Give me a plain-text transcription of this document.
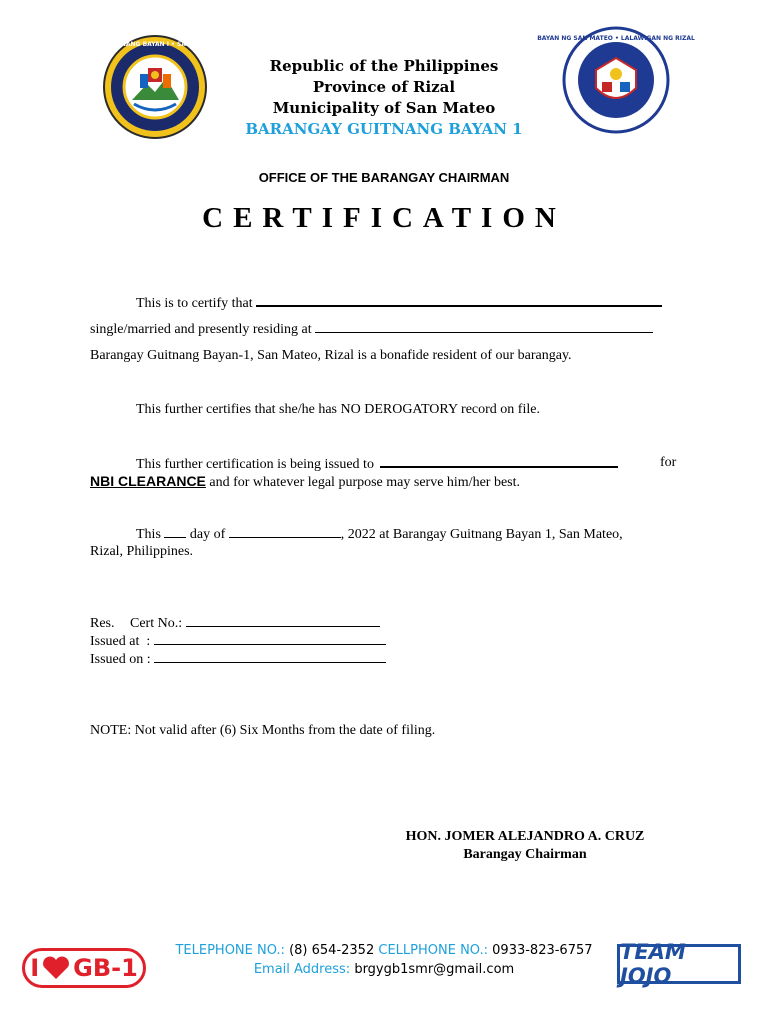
BARANGAY GUITNANG BAYAN I • SAN MATEO • RIZAL
BAYAN NG SAN MATEO • LALAWIGAN NG RIZAL
Republic of the Philippines
Province of Rizal
Municipality of San Mateo
BARANGAY GUITNANG BAYAN 1
OFFICE OF THE BARANGAY CHAIRMAN
CERTIFICATION
This is to certify that
single/married and presently residing at
Barangay Guitnang Bayan-1, San Mateo, Rizal is a bonafide resident of our barangay.
This further certifies that she/he has NO DEROGATORY record on file.
This further certification is being issued to	for
NBI CLEARANCE and for whatever legal purpose may serve him/her best.
This day of	, 2022 at Barangay Guitnang Bayan 1, San Mateo,
Rizal, Philippines.
Res. Cert No.:
Issued at  :
Issued on :
NOTE: Not valid after (6) Six Months from the date of filing.
HON. JOMER ALEJANDRO A. CRUZ
Barangay Chairman
TELEPHONE NO.: (8) 654-2352 CELLPHONE NO.: 0933-823-6757
Email Address: brgygb1smr@gmail.com
I GB-1
TEAM JOJO
